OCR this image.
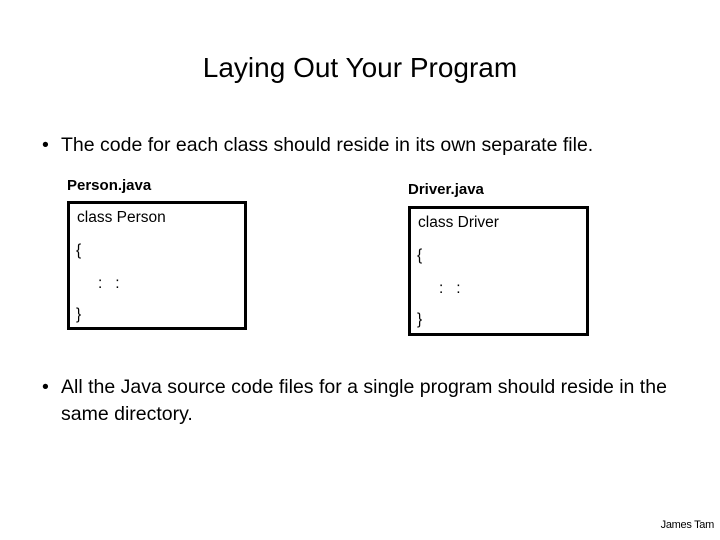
Laying Out Your Program
• The code for each class should reside in its own separate file.
Person.java
class Person
{
:   :
}
Driver.java
class Driver
{
:   :
}
• All the Java source code files for a single program should reside in the same directory.
James Tam
